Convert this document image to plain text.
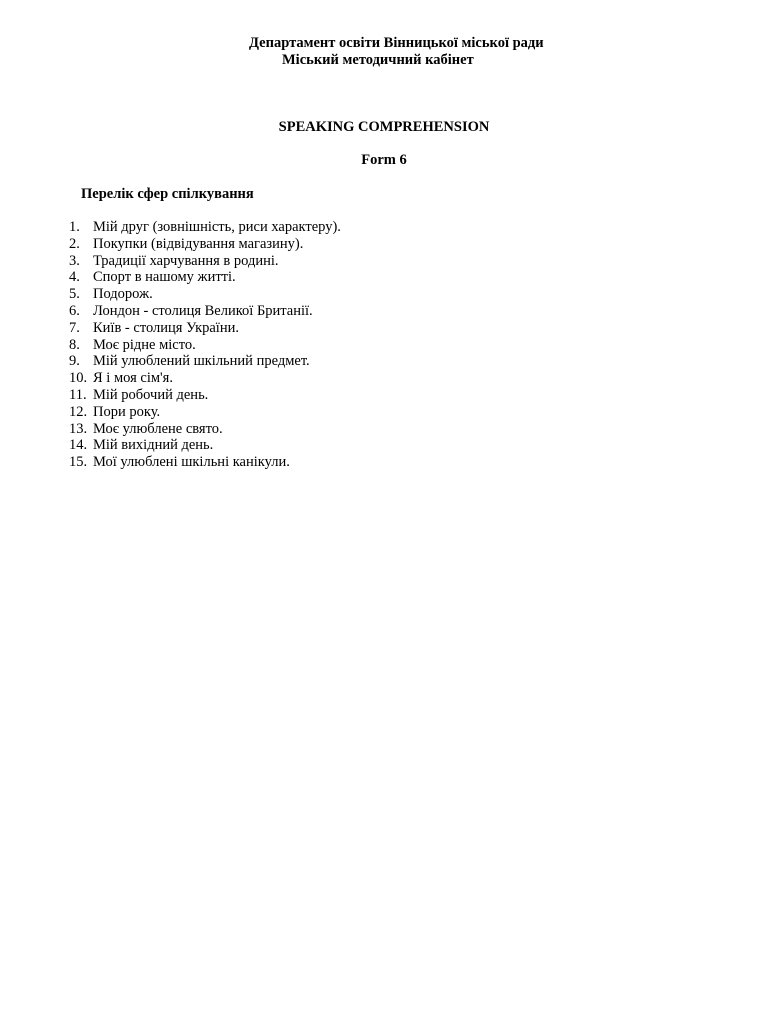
Департамент освіти Вінницької міської ради
Міський методичний кабінет
SPEAKING COMPREHENSION
Form 6
Перелік сфер спілкування
1. Мій друг (зовнішність, риси характеру).
2. Покупки (відвідування магазину).
3. Традиції харчування в родині.
4. Спорт в нашому житті.
5. Подорож.
6. Лондон - столиця Великої Британії.
7. Київ - столиця України.
8. Моє рідне місто.
9. Мій улюблений шкільний предмет.
10. Я і моя сім'я.
11. Мій робочий день.
12. Пори року.
13. Моє улюблене свято.
14. Мій вихідний день.
15. Мої улюблені шкільні канікули.
